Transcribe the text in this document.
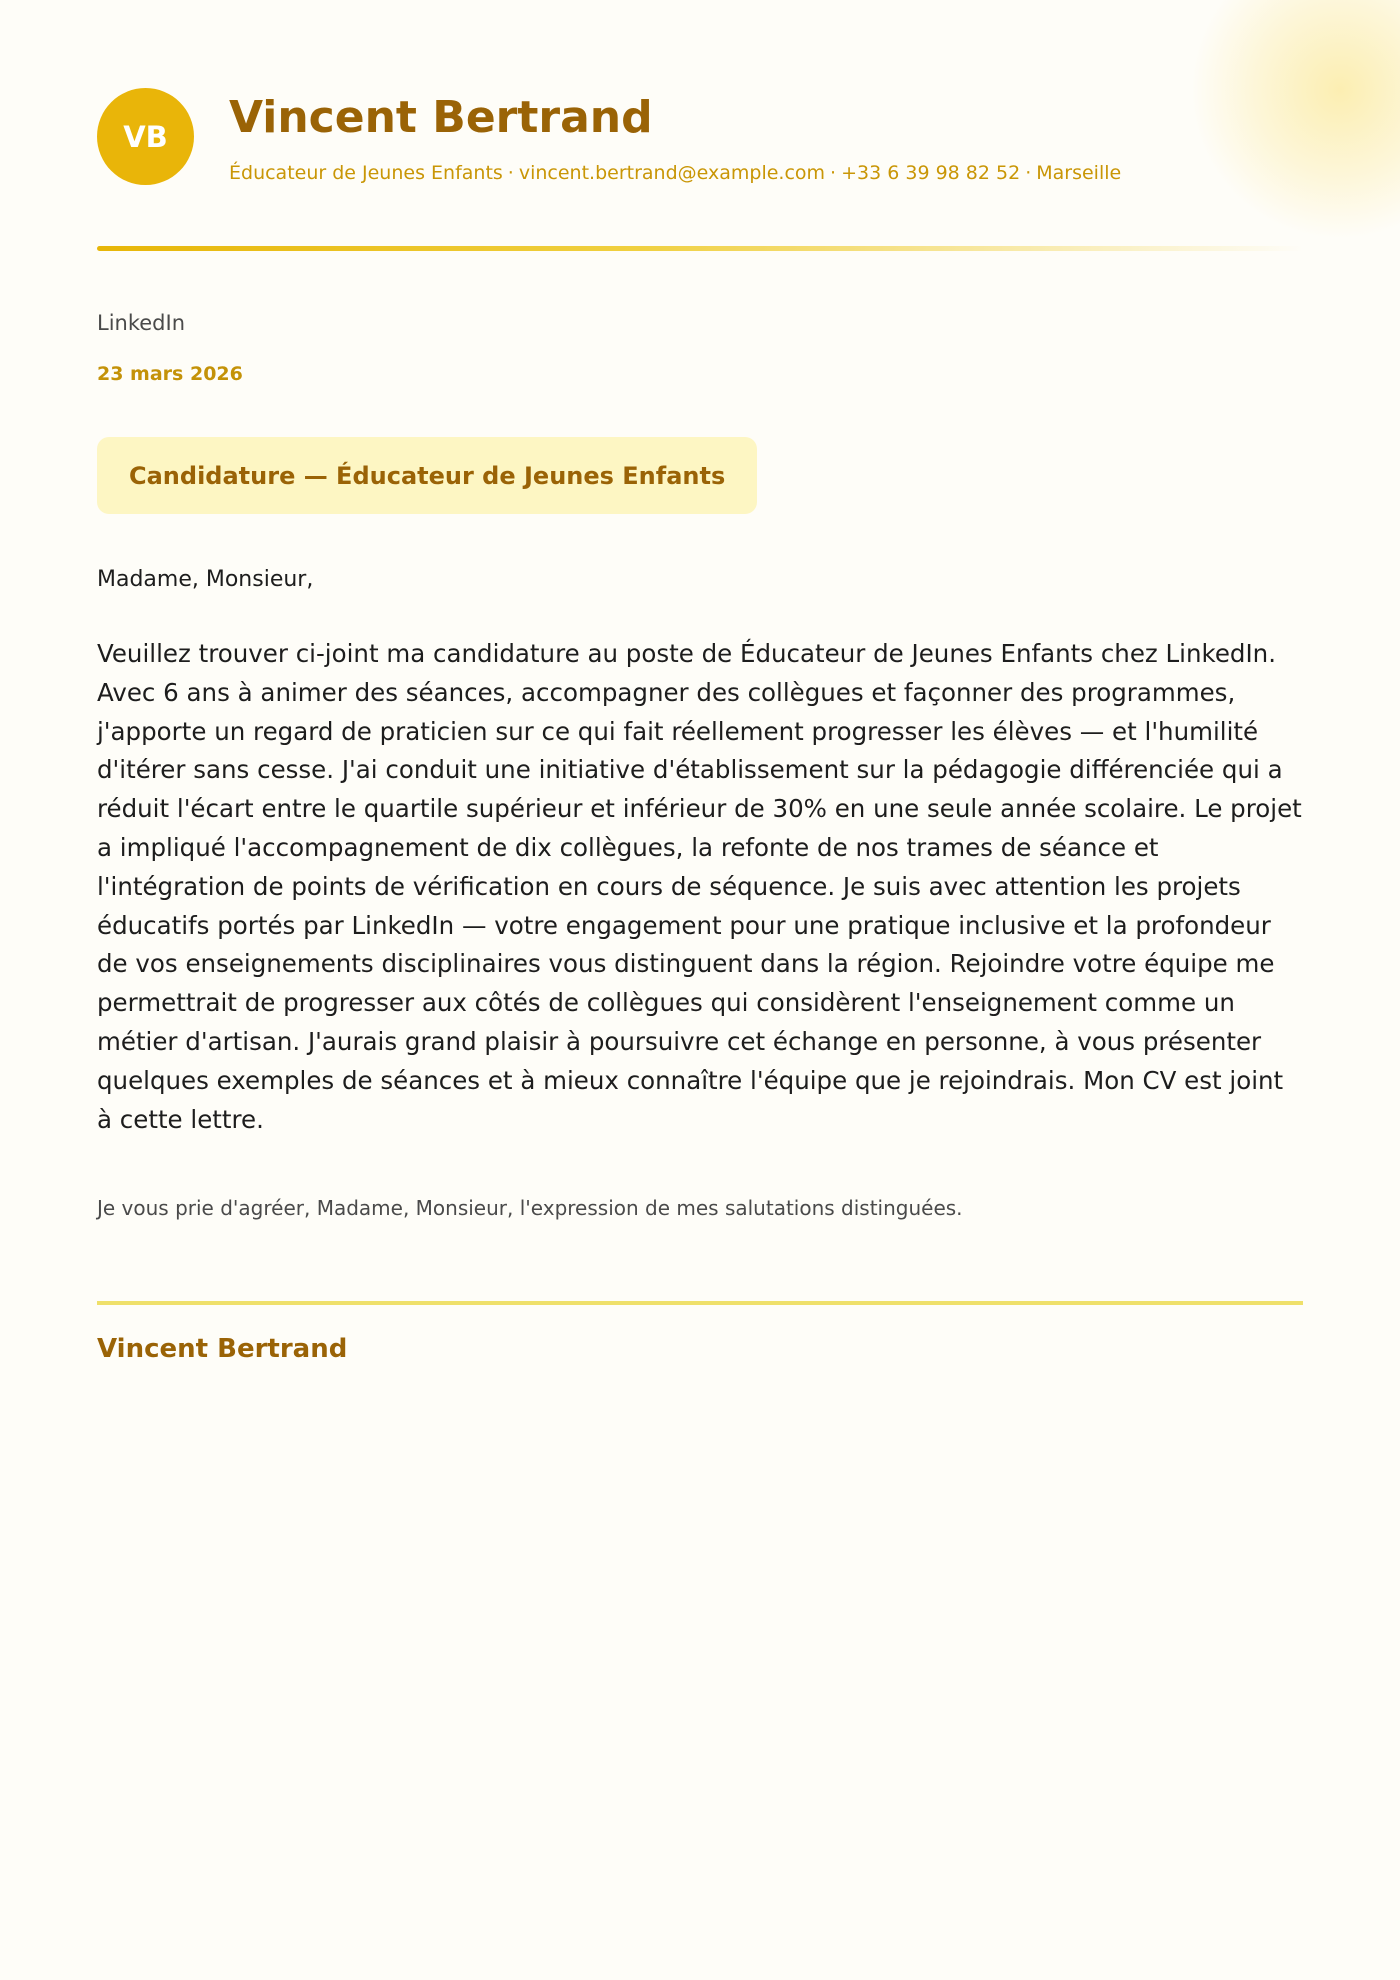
VB Vincent Bertrand
Éducateur de Jeunes Enfants · vincent.bertrand@example.com · +33 6 39 98 82 52 · Marseille
LinkedIn
23 mars 2026
Candidature — Éducateur de Jeunes Enfants
Madame, Monsieur,

Veuillez trouver ci-joint ma candidature au poste de Éducateur de Jeunes Enfants chez LinkedIn. Avec 6 ans à animer des séances, accompagner des collègues et façonner des programmes, j'apporte un regard de praticien sur ce qui fait réellement progresser les élèves — et l'humilité d'itérer sans cesse. J'ai conduit une initiative d'établissement sur la pédagogie différenciée qui a réduit l'écart entre le quartile supérieur et inférieur de 30% en une seule année scolaire. Le projet a impliqué l'accompagnement de dix collègues, la refonte de nos trames de séance et l'intégration de points de vérification en cours de séquence. Je suis avec attention les projets éducatifs portés par LinkedIn — votre engagement pour une pratique inclusive et la profondeur de vos enseignements disciplinaires vous distinguent dans la région. Rejoindre votre équipe me permettrait de progresser aux côtés de collègues qui considèrent l'enseignement comme un métier d'artisan. J'aurais grand plaisir à poursuivre cet échange en personne, à vous présenter quelques exemples de séances et à mieux connaître l'équipe que je rejoindrais. Mon CV est joint à cette lettre.

Je vous prie d'agréer, Madame, Monsieur, l'expression de mes salutations distinguées.
Vincent Bertrand
